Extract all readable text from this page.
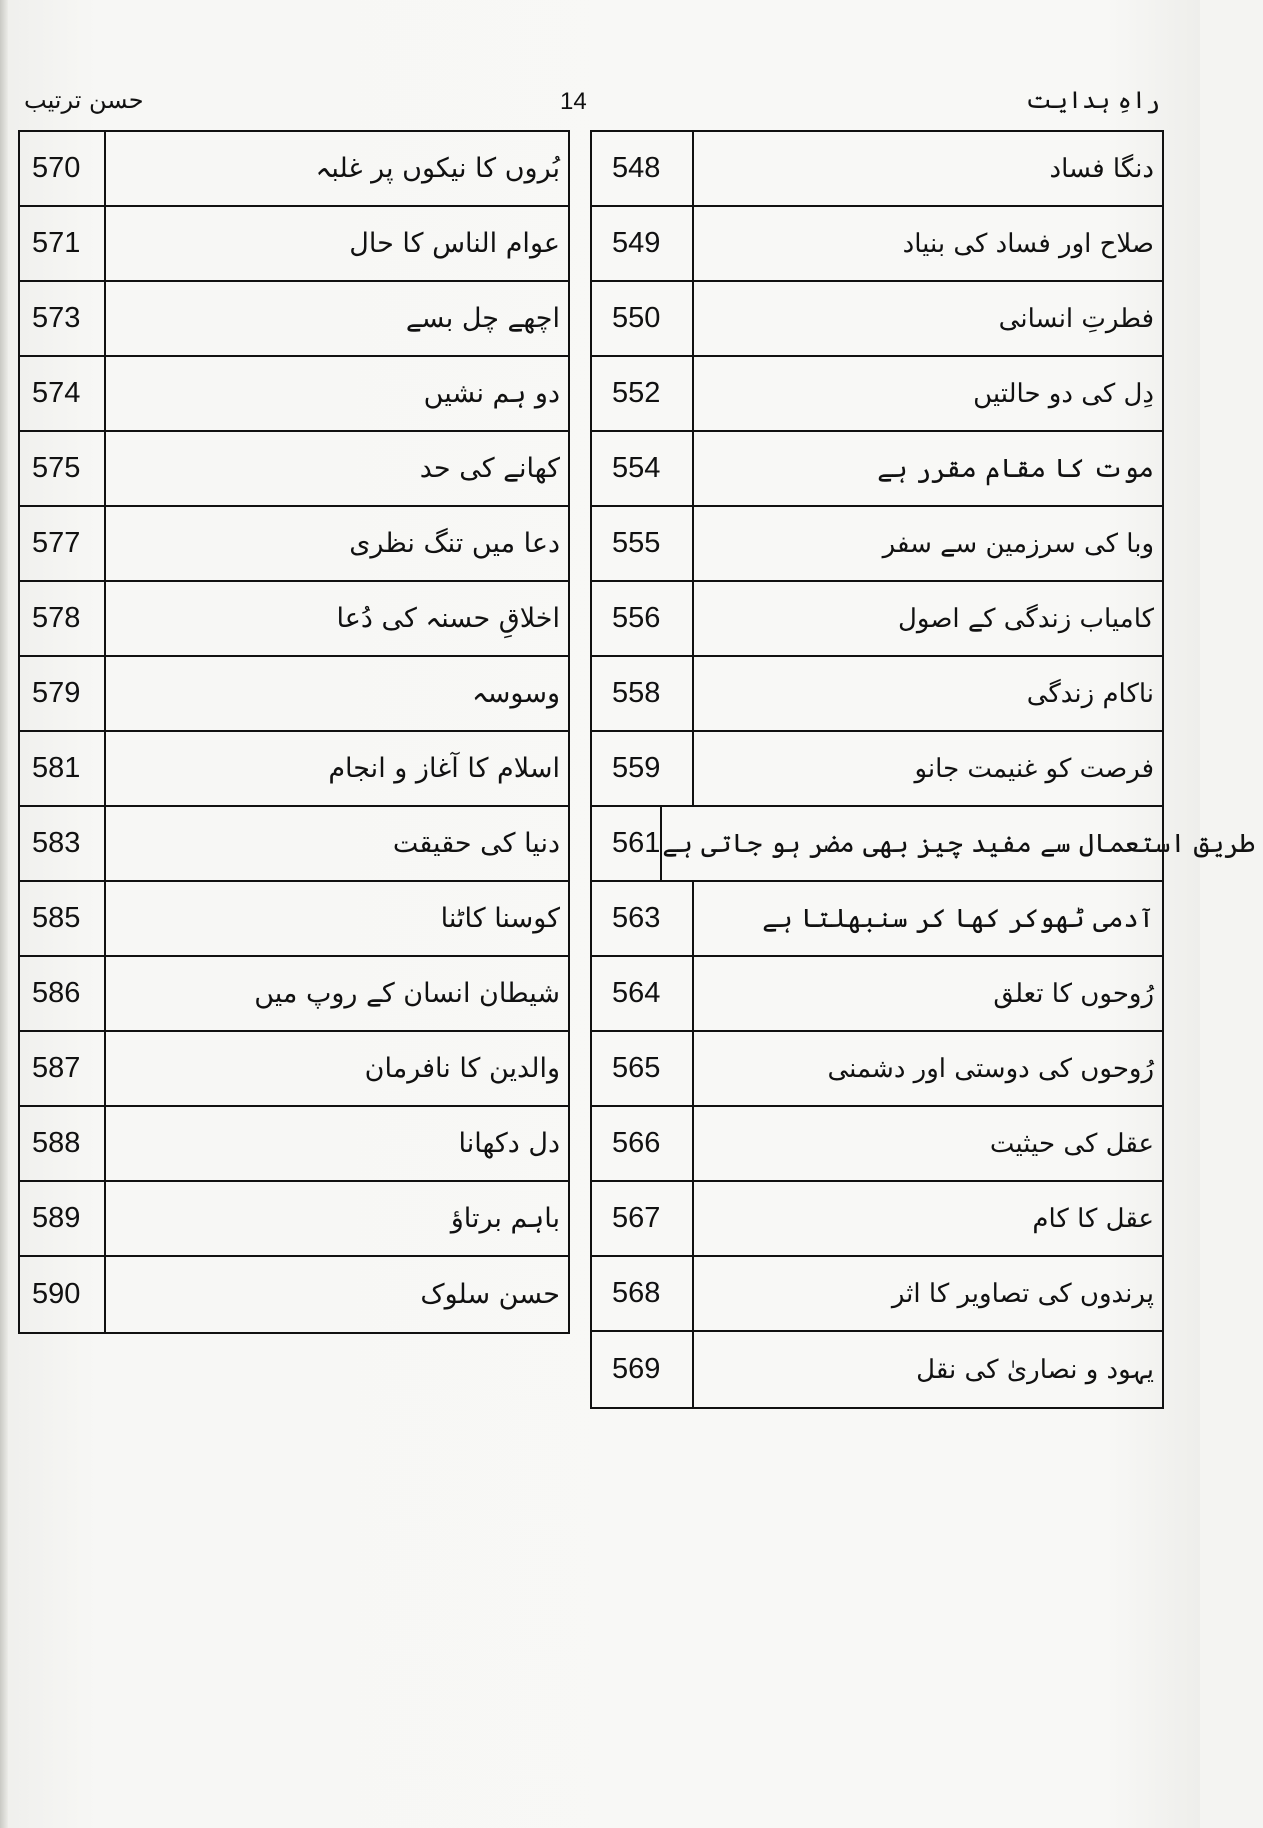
حسن ترتیب	14	راہِ ہدایت
570	بُروں کا نیکوں پر غلبہ
571	عوام الناس کا حال
573	اچھے چل بسے
574	دو ہم نشیں
575	کھانے کی حد
577	دعا میں تنگ نظری
578	اخلاقِ حسنہ کی دُعا
579	وسوسہ
581	اسلام کا آغاز و انجام
583	دنیا کی حقیقت
585	کوسنا کاٹنا
586	شیطان انسان کے روپ میں
587	والدین کا نافرمان
588	دل دکھانا
589	باہم برتاؤ
590	حسن سلوک
548	دنگا فساد
549	صلاح اور فساد کی بنیاد
550	فطرتِ انسانی
552	دِل کی دو حالتیں
554	موت کا مقام مقرر ہے
555	وبا کی سرزمین سے سفر
556	کامیاب زندگی کے اصول
558	ناکام زندگی
559	فرصت کو غنیمت جانو
561 طریق استعمال سے مفید چیز بھی مضر ہو جاتی ہے
563	آدمی ٹھوکر کھا کر سنبھلتا ہے
564	رُوحوں کا تعلق
565	رُوحوں کی دوستی اور دشمنی
566	عقل کی حیثیت
567	عقل کا کام
568	پرندوں کی تصاویر کا اثر
569	یہود و نصاریٰ کی نقل
